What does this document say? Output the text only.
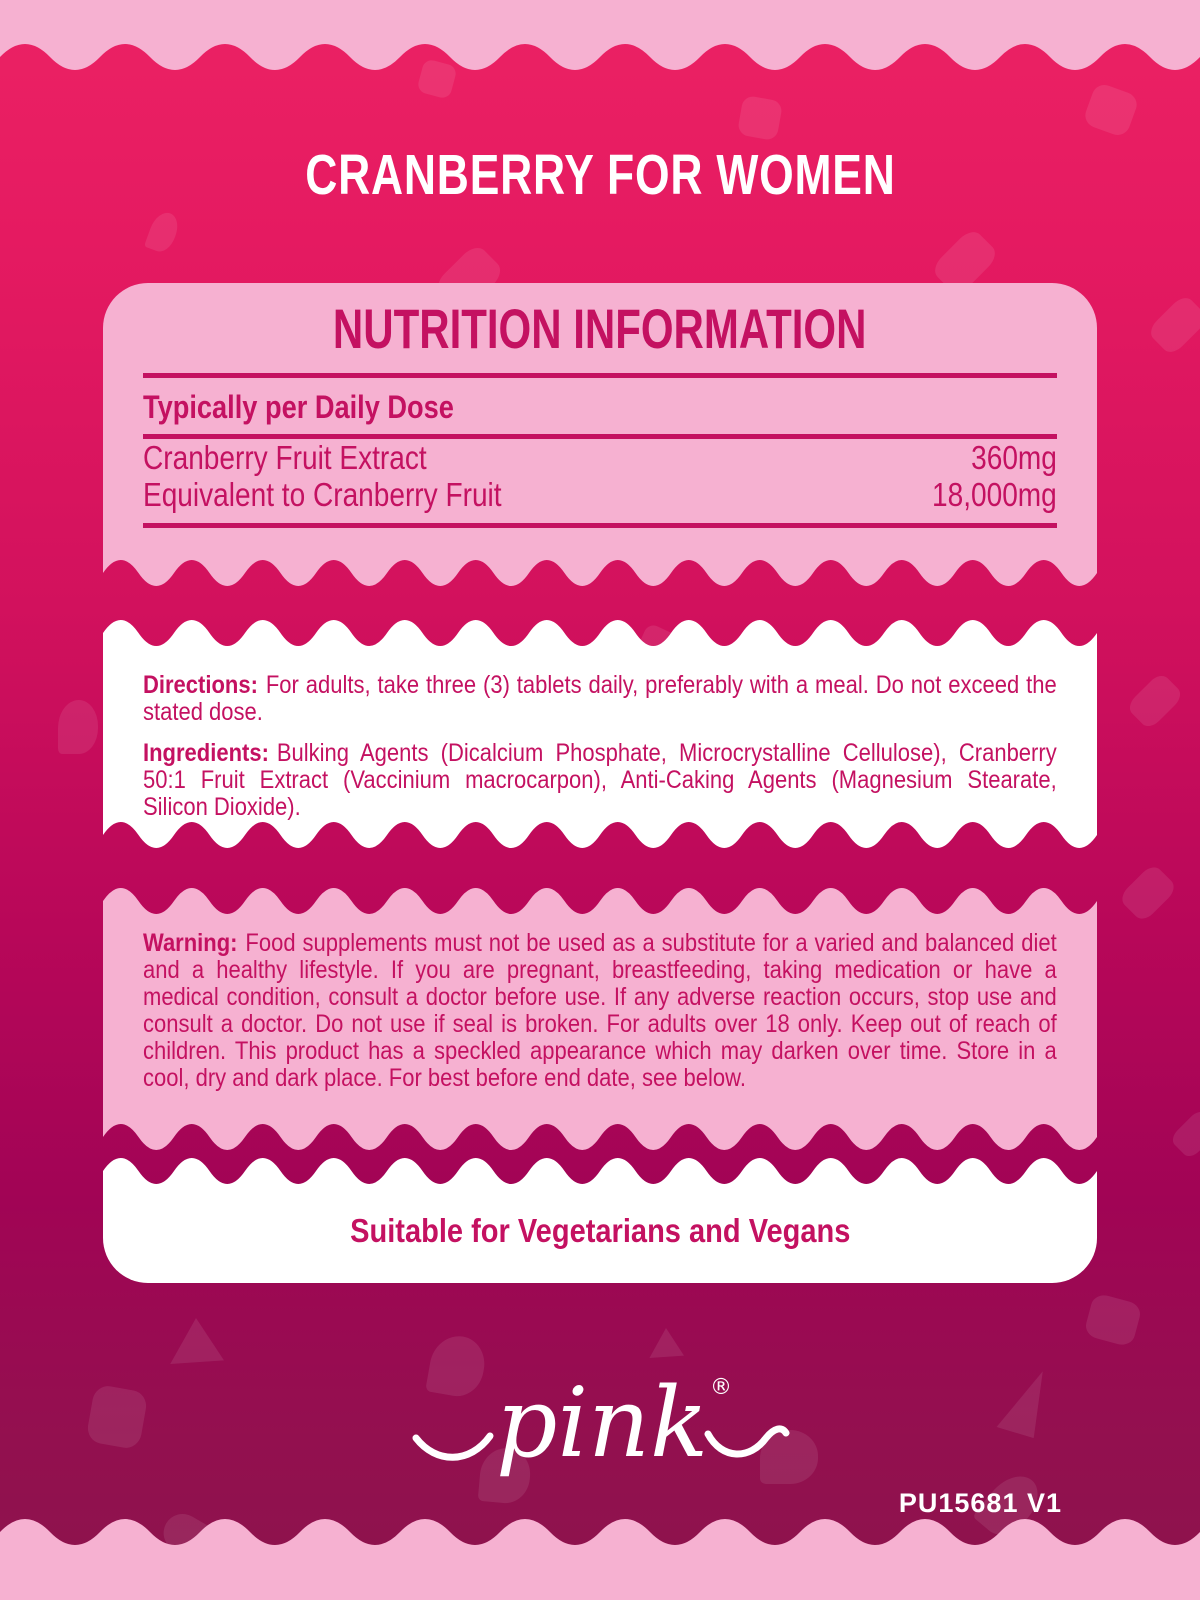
CRANBERRY FOR WOMEN
NUTRITION INFORMATION
Typically per Daily Dose
Cranberry Fruit Extract	360mg
Equivalent to Cranberry Fruit	18,000mg

Directions: For adults, take three (3) tablets daily, preferably with a meal. Do not exceed the stated dose.

Ingredients: Bulking Agents (Dicalcium Phosphate, Microcrystalline Cellulose), Cranberry 50:1 Fruit Extract (Vaccinium macrocarpon), Anti-Caking Agents (Magnesium Stearate, Silicon Dioxide).

Warning: Food supplements must not be used as a substitute for a varied and balanced diet and a healthy lifestyle. If you are pregnant, breastfeeding, taking medication or have a medical condition, consult a doctor before use. If any adverse reaction occurs, stop use and consult a doctor. Do not use if seal is broken. For adults over 18 only. Keep out of reach of children. This product has a speckled appearance which may darken over time. Store in a cool, dry and dark place. For best before end date, see below.

Suitable for Vegetarians and Vegans
pink ®
PU15681 V1
